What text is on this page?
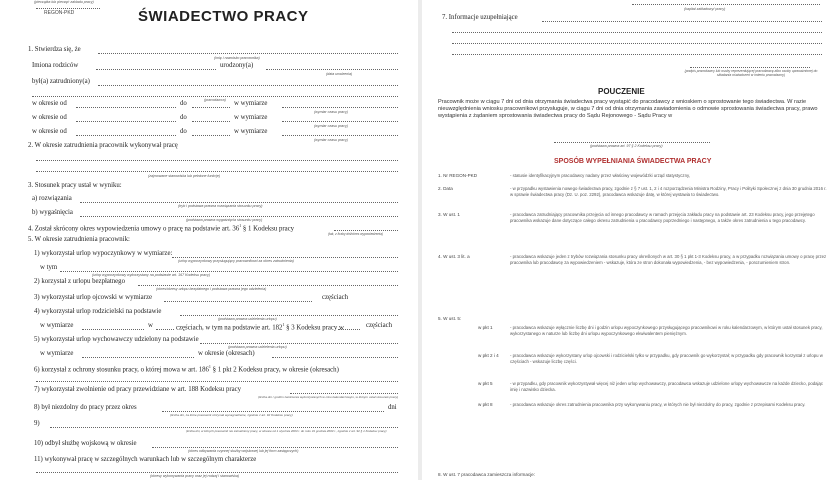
(pieczątka lub pieczęć zakładu pracy)
REGON-PKD	ŚWIADECTWO PRACY
1. Stwierdza się, że
(imię i nazwisko pracownika)
Imiona rodziców	urodzony(a)
(data urodzenia)
był(a) zatrudniony(a)
(pracodawca)
w okresie od	do	w wymiarze
(wymiar czasu pracy)
w okresie od	do	w wymiarze
(wymiar czasu pracy)
w okresie od	do	w wymiarze
(wymiar czasu pracy)
2. W okresie zatrudnienia pracownik wykonywał pracę
(zajmowane stanowiska lub pełnione funkcje)
3. Stosunek pracy ustał w wyniku:
a) rozwiązania
(tryb i podstawa prawna rozwiązania stosunku pracy)
b) wygaśnięcia
(podstawa prawna wygaśnięcia stosunku pracy)
4. Został skrócony okres wypowiedzenia umowy o pracę na podstawie art. $36^1$ § 1 Kodeksu pracy
(tak, z liczby dni/okres wypowiedzenia)
5. W okresie zatrudnienia pracownik:
1) wykorzystał urlop wypoczynkowy w wymiarze:
(urlop wypoczynkowy przysługujący pracownikowi za okres zatrudnienia)
w tym
(urlop wypoczynkowy wykorzystany na podstawie art. 167 Kodeksu pracy)
2) korzystał z urlopu bezpłatnego
(okres/okresy urlopu bezpłatnego i podstawa prawna jego udzielenia)
3) wykorzystał urlop ojcowski w wymiarze	częściach
4) wykorzystał urlop rodzicielski na podstawie
(podstawa prawna udzielenia urlopu)
w wymiarze	w	częściach, w tym na podstawie art. $182^1$ § 3 Kodeksu pracy w	częściach
5) wykorzystał urlop wychowawczy udzielony na podstawie
(podstawa prawna udzielenia urlopu)
w wymiarze	w okresie (okresach)
6) korzystał z ochrony stosunku pracy, o której mowa w art. $186^1$ § 1 pkt 2 Kodeksu pracy, w okresie (okresach)
7) wykorzystał zwolnienie od pracy przewidziane w art. 188 Kodeksu pracy
(liczba dni / godzin zwolnienia wykorzystanych w roku kalendarzowym, w którym ustał stosunek pracy)
8) był niezdolny do pracy przez okres	dni
(liczba dni, za które pracownik otrzymał wynagrodzenie, zgodnie z art. 92 Kodeksu pracy)
9)
(liczba dni, w których pracownik nie zatrudniony pracy, w okresie od 1 stycznia 2003 r. do roku 31 grudnia 2003 r., zgodnie z art. 92 § 1 Kodeksu pracy)
10) odbył służbę wojskową w okresie
(okres odbywania czynnej służby wojskowej lub jej form zastępczych)
11) wykonywał pracę w szczególnych warunkach lub w szczególnym charakterze
(okresy wykonywania pracy oraz jej rodzaj i stanowiska)
(kapitał zakładowy/ pracy)
7. Informacje uzupełniające
(podpis pracodawcy lub osoby reprezentującej pracodawcę albo osoby upoważnionej do składania oświadczeń w imieniu pracodawcy)
POUCZENIE
Pracownik może w ciągu 7 dni od dnia otrzymania świadectwa pracy wystąpić do pracodawcy z wnioskiem o sprostowanie tego świadectwa. W razie nieuwzględnienia wniosku pracownikowi przysługuje, w ciągu 7 dni od dnia otrzymania zawiadomienia o odmowie sprostowania świadectwa pracy, prawo wystąpienia z żądaniem sprostowania świadectwa pracy do Sądu Rejonowego - Sądu Pracy w
(podstawa prawna art. 97 § 2 Kodeksu pracy)
SPOSÓB WYPEŁNIANIA ŚWIADECTWA PRACY
1. Nr REGON-PKD	- statusie identyfikacyjnym pracodawcy nadany przez właściwy wojewódzki urząd statystyczny,
2. Data	- w przypadku wystawienia nowego świadectwa pracy, zgodnie z § 7 ust. 1, 2 i 4 rozporządzenia Ministra Rodziny, Pracy i Polityki Społecznej z dnia 30 grudnia 2016 r. w sprawie świadectwa pracy (Dz. U. poz. 2292), pracodawca wskazuje datę, w której wystawia to świadectwo.
3. W ust. 1	- pracodawca zatrudniający pracownika przejęcia od innego pracodawcy w ramach przejęcia zakładu pracy na podstawie art. 23 Kodeksu pracy, jego przejętego pracownika wskazuje dane dotyczące całego okresu zatrudnienia u pracodawcy poprzedniego i następnego, a także okres zatrudnienia u tego pracodawcy.
4. W ust. 3 lit. a	- pracodawca wskazuje jeden z trybów rozwiązania stosunku pracy określonych w art. 30 § 1 pkt 1-3 Kodeksu pracy, a w przypadku rozwiązania umowy o pracę przez pracownika lub pracodawcę za wypowiedzeniem - wskazuje, która ze stron dokonała wypowiedzenia, - bez wypowiedzenia, - porozumieniem stron.
5. W ust. 5:
w pkt 1	- pracodawca wskazuje wyłącznie liczbę dni i godzin urlopu wypoczynkowego przysługującego pracownikowi w roku kalendarzowym, w którym ustał stosunek pracy, wykorzystanego w naturze lub liczbę dni urlopu wypoczynkowego ekwiwalentem pieniężnym.
w pkt 2 i 4	- pracodawca wskazuje wykorzystany urlop ojcowski i rodzicielski tylko w przypadku, gdy pracownik go wykorzystał; w przypadku gdy pracownik korzystał z urlopu w częściach - wskazuje liczbę części.
w pkt 5	- w przypadku, gdy pracownik wykorzystywał więcej niż jeden urlop wychowawczy, pracodawca wskazuje udzielone urlopy wychowawcze na każde dziecko, podając imię i nazwisko dziecka.
w pkt 8	- pracodawca wskazuje okres zatrudnienia pracownika przy wykonywaniu pracy, w których nie był niezdolny do pracy, zgodnie z przepisami Kodeksu pracy.
8. W ust. 7 pracodawca zamieszcza informacje:
